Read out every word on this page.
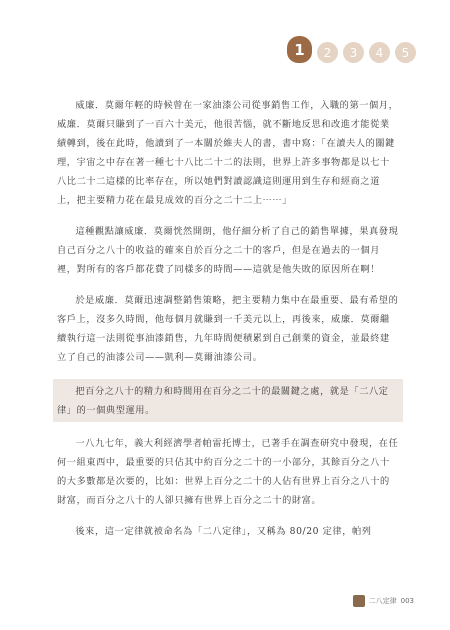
1	2	3	4	5

威廉．莫爾年輕的時候曾在一家油漆公司從事銷售工作，入職的第一個月，威廉．莫爾只賺到了一百六十美元，他很苦惱，就不斷地反思和改進才能從業績轉到，後在此時，他讀到了一本關於維夫人的書，書中寫：「在讀夫人的關鍵理，宇宙之中存在著一種七十八比二十二的法則，世界上許多事物都是以七十八比二十二這樣的比率存在，所以她們對讀認識這則運用到生存和經商之道上，把主要精力花在最見成效的百分之二十二上⋯⋯」

這種觀點讓威廉．莫爾恍然開朗，他仔細分析了自己的銷售單據，果真發現自己百分之八十的收益的確來自於百分之二十的客戶，但是在過去的一個月裡，對所有的客戶都花費了同樣多的時間——這就是他失敗的原因所在啊！

於是威廉．莫爾迅速調整銷售策略，把主要精力集中在最重要、最有希望的客戶上，沒多久時間，他每個月就賺到一千美元以上，再後來，威廉．莫爾繼續執行這一法則從事油漆銷售，九年時間便積累到自己創業的資金，並最終建立了自己的油漆公司——凱利—莫爾油漆公司。

把百分之八十的精力和時間用在百分之二十的最關鍵之處，就是「二八定律」的一個典型運用。

一八九七年，義大利經濟學者帕雷托博士，已著手在調查研究中發現，在任何一組東西中，最重要的只佔其中約百分之二十的一小部分，其餘百分之八十的大多數都是次要的，比如：世界上百分之二十的人佔有世界上百分之八十的財富，而百分之八十的人卻只擁有世界上百分之二十的財富。

後來，這一定律就被命名為「二八定律」，又稱為 80/20 定律，帕列

二八定律 003
